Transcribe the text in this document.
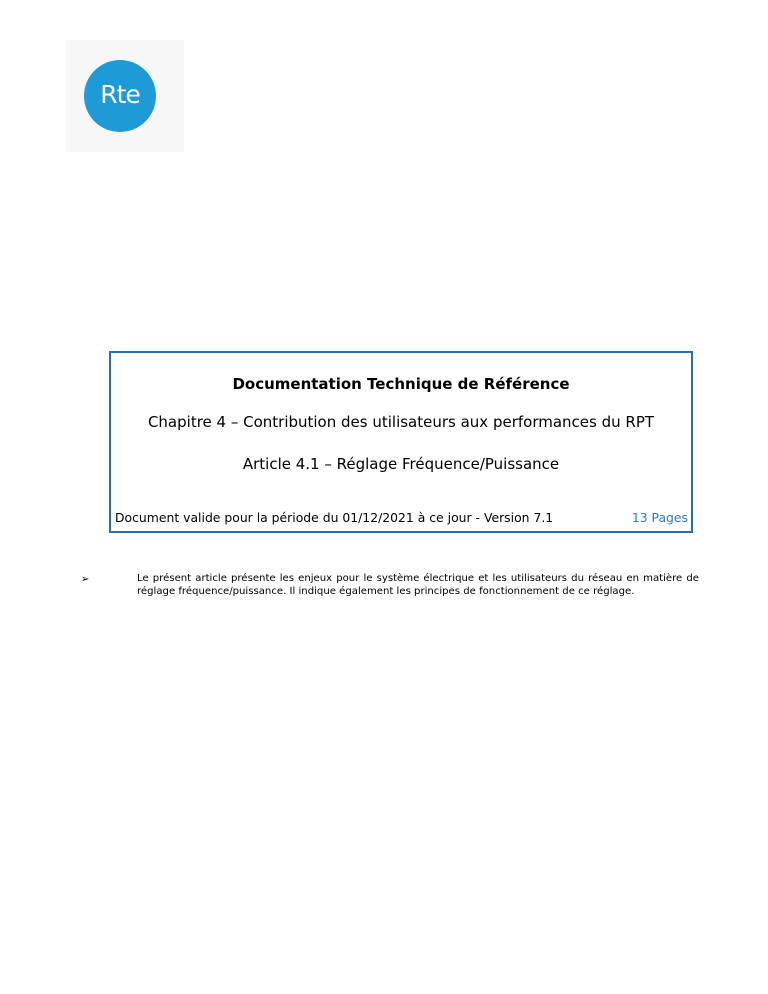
Rte
Documentation Technique de Référence
Chapitre 4 – Contribution des utilisateurs aux performances du RPT
Article 4.1 – Réglage Fréquence/Puissance
Document valide pour la période du 01/12/2021 à ce jour - Version 7.1	13 Pages
➢	Le présent article présente les enjeux pour le système électrique et les utilisateurs du réseau en matière de réglage fréquence/puissance. Il indique également les principes de fonctionnement de ce réglage.
